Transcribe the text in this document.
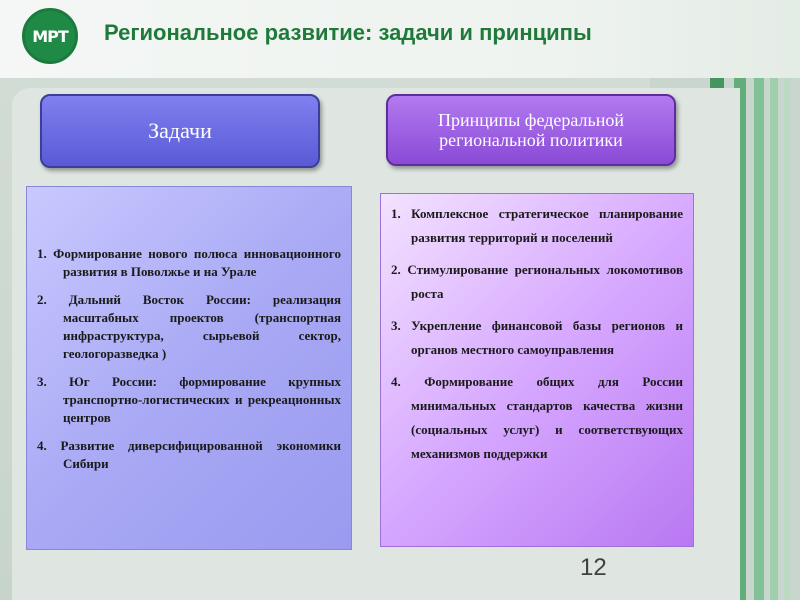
МРТ Региональное развитие: задачи и принципы
Задачи	Принципы федеральной региональной политики

1. Формирование нового полюса инновационного развития в Поволжье и на Урале

2. Дальний Восток России: реализация масштабных проектов (транспортная инфраструктура, сырьевой сектор, геологоразведка )

3. Юг России: формирование крупных транспортно-логистических и рекреационных центров

4. Развитие диверсифицированной экономики Сибири

1. Комплексное стратегическое планирование развития территорий и поселений

2. Стимулирование региональных локомотивов роста

3. Укрепление финансовой базы регионов и органов местного самоуправления

4. Формирование общих для России минимальных стандартов качества жизни (социальных услуг) и соответствующих механизмов поддержки

12
